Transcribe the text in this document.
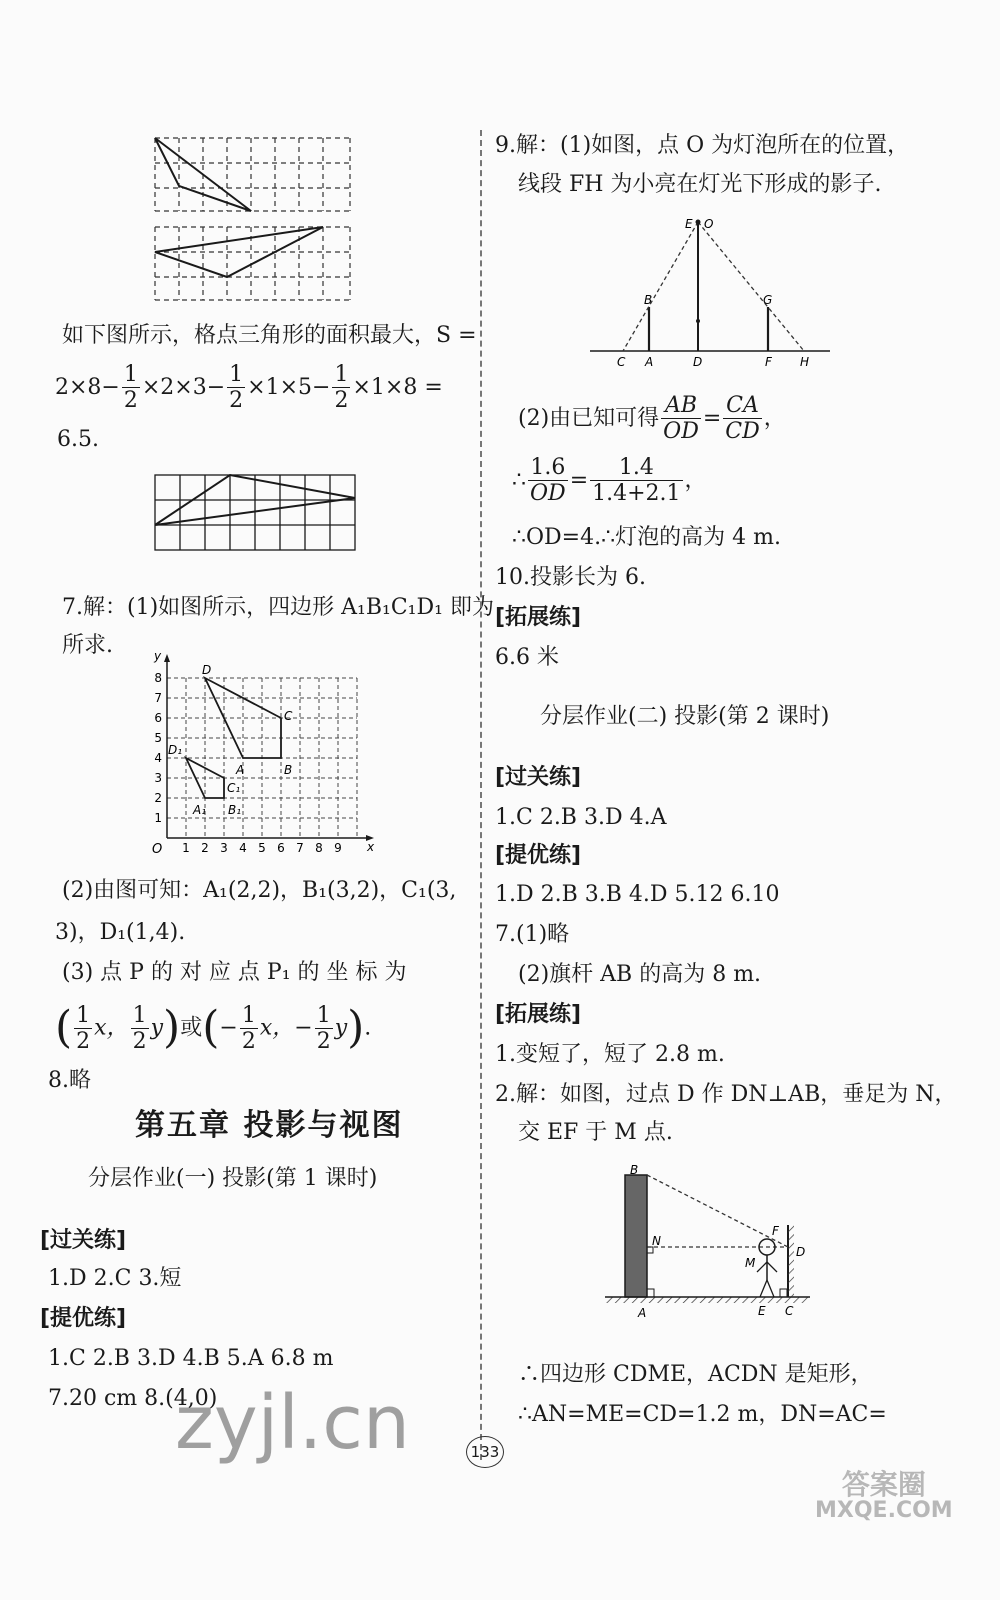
如下图所示，格点三角形的面积最大，S =
$2\times 8- \frac{1}{2} \times 2\times 3- \frac{1}{2} \times 1\times 5- \frac{1}{2} \times 1\times 8$ =
6.5.
7.解：(1)如图所示，四边形 A₁B₁C₁D₁ 即为
所求.	y
x
O
D
C
A	B
D₁
C₁
A₁ B₁
1 2 3 4 5 6 7 8 9
1
2
3
4
5
6
7
8
(2)由图可知：A₁(2,2)，B₁(3,2)，C₁(3,
3)，D₁(1,4).
(3) 点 P 的 对 应 点 P₁ 的 坐 标 为
( $\frac{1}{2}$ x， $\frac{1}{2} y$)或(− $\frac{1}{2}$ x，− $\frac{1}{2} y$).
8.略
第五章 投影与视图
分层作业(一) 投影(第 1 课时)
[过关练]
1.D 2.C 3.短
[提优练]
1.C 2.B 3.D 4.B 5.A 6.8 m
7.20 cm 8.(4,0)
zyjl.cn
9.解：(1)如图，点 O 为灯泡所在的位置，
线段 FH 为小亮在灯光下形成的影子.
E O
B	G
C A	D	F H
(2)由已知可得 $\frac{AB}{OD} = \frac{CA}{CD}$ ，
∴ $\frac{1.6}{OD} = \frac{1.4}{1.4+2.1}$ ，
∴OD=4.∴灯泡的高为 4 m.
10.投影长为 6.
[拓展练]
6.6 米
分层作业(二) 投影(第 2 课时)
[过关练]
1.C 2.B 3.D 4.A
[提优练]
1.D 2.B 3.B 4.D 5.12 6.10
7.(1)略
(2)旗杆 AB 的高为 8 m.
[拓展练]
1.变短了，短了 2.8 m.
2.解：如图，过点 D 作 DN⊥AB，垂足为 N，
交 EF 于 M 点.
B
N
F
D
M
A	E C
∴四边形 CDME，ACDN 是矩形，
∴AN=ME=CD=1.2 m，DN=AC=
133
答案圈
MXQE.COM
